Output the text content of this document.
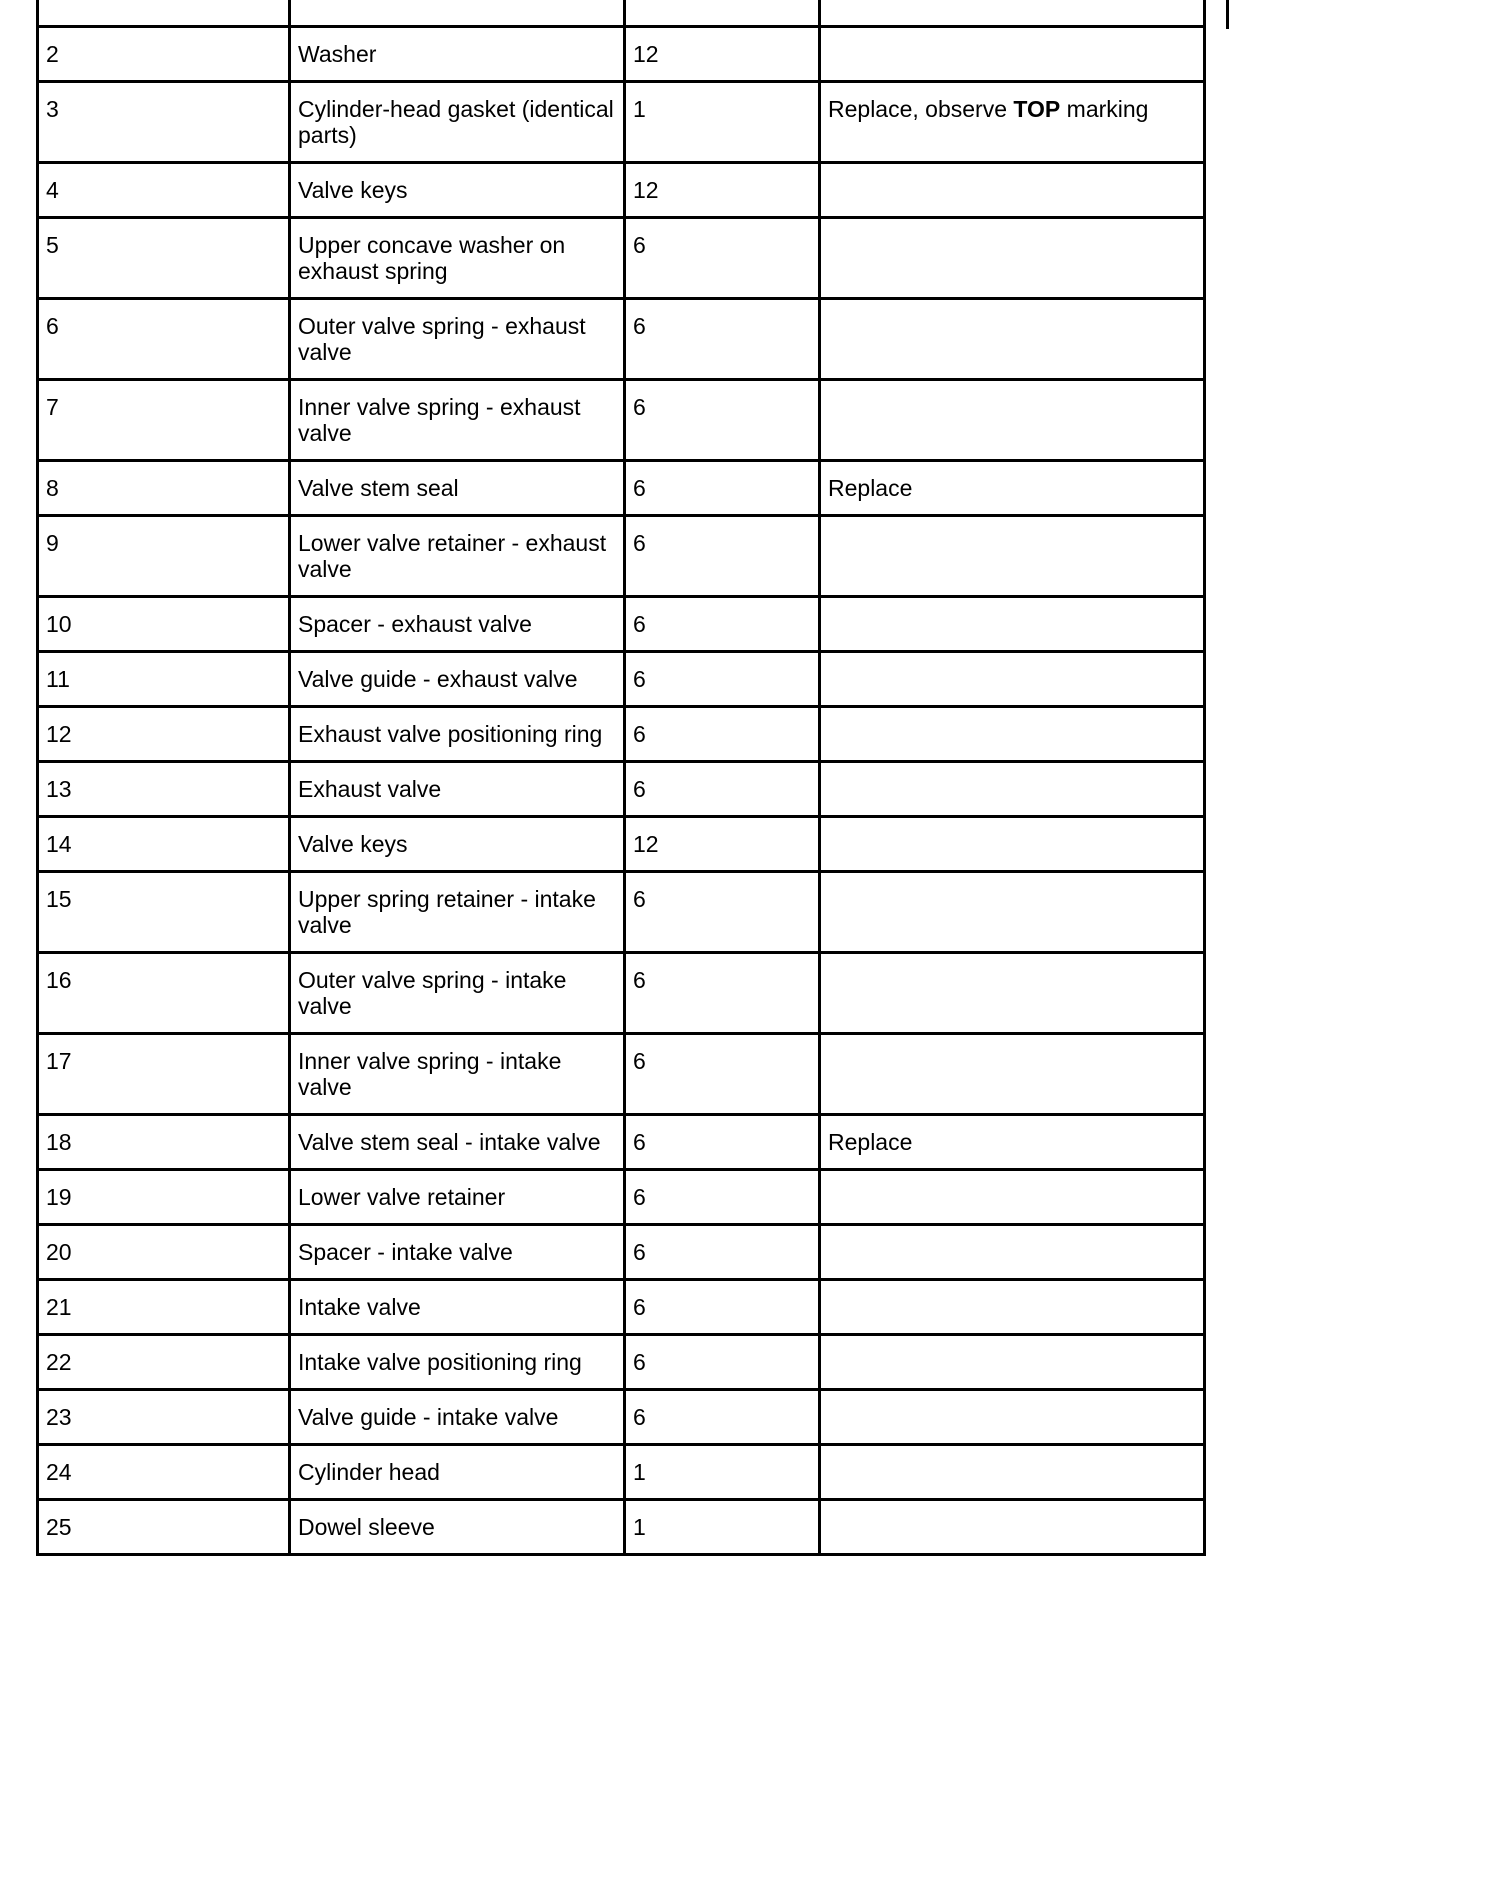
2	Washer	12	
3	Cylinder-head gasket (identical parts)	1	Replace, observe TOP marking
4	Valve keys	12	
5	Upper concave washer on exhaust spring	6	
6	Outer valve spring - exhaust valve	6	
7	Inner valve spring - exhaust valve	6	
8	Valve stem seal	6	Replace
9	Lower valve retainer - exhaust valve	6	
10	Spacer - exhaust valve	6	
11	Valve guide - exhaust valve	6	
12	Exhaust valve positioning ring	6	
13	Exhaust valve	6	
14	Valve keys	12	
15	Upper spring retainer - intake valve	6	
16	Outer valve spring - intake valve	6	
17	Inner valve spring - intake valve	6	
18	Valve stem seal - intake valve	6	Replace
19	Lower valve retainer	6	
20	Spacer - intake valve	6	
21	Intake valve	6	
22	Intake valve positioning ring	6	
23	Valve guide - intake valve	6	
24	Cylinder head	1	
25	Dowel sleeve	1	
